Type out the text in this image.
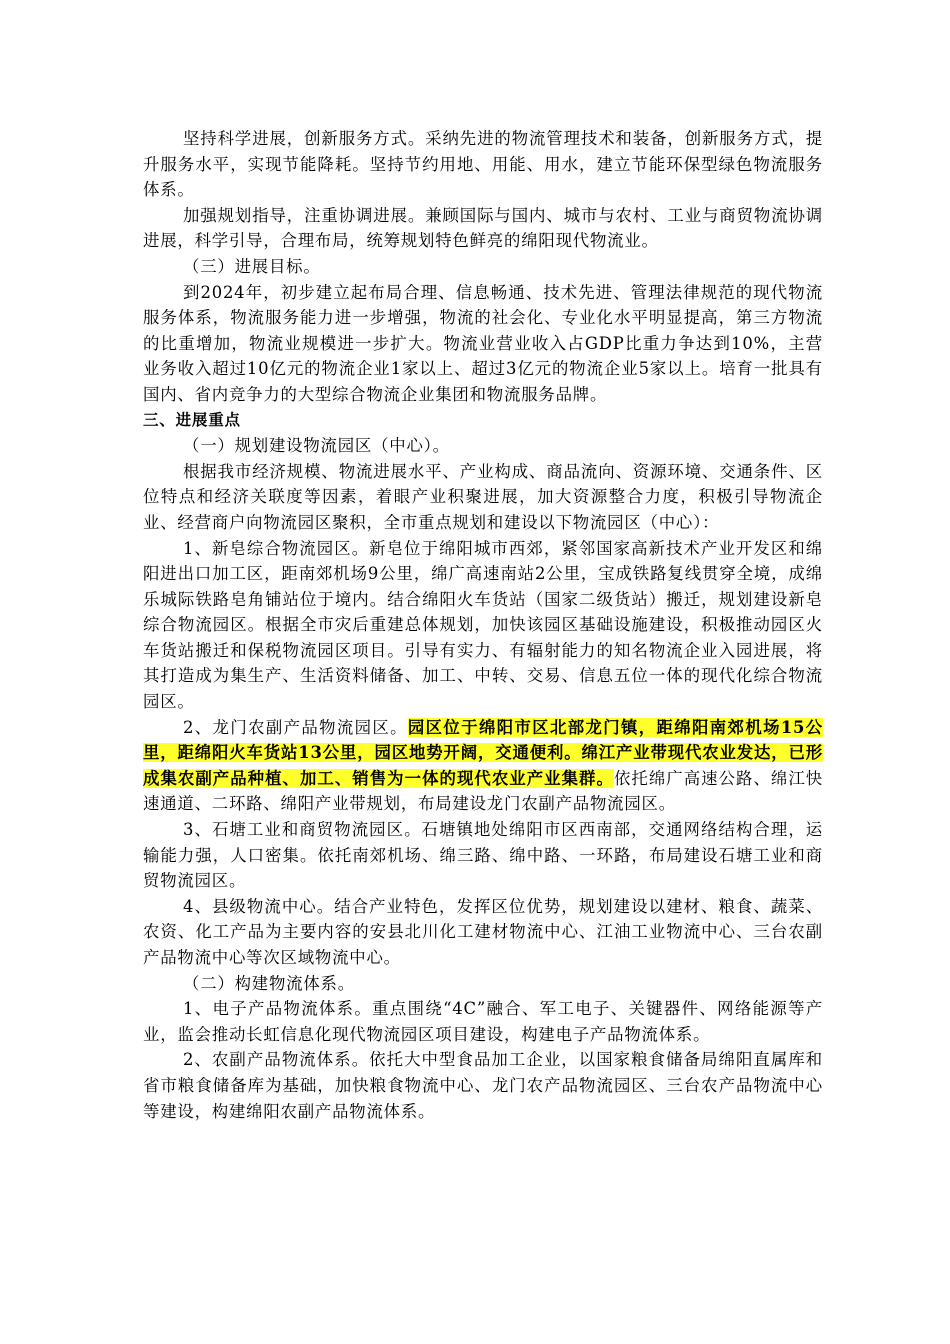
坚持科学进展，创新服务方式。采纳先进的物流管理技术和装备，创新服务方式，提升服务水平，实现节能降耗。坚持节约用地、用能、用水，建立节能环保型绿色物流服务体系。

加强规划指导，注重协调进展。兼顾国际与国内、城市与农村、工业与商贸物流协调进展，科学引导，合理布局，统筹规划特色鲜亮的绵阳现代物流业。

（三）进展目标。

到2024年，初步建立起布局合理、信息畅通、技术先进、管理法律规范的现代物流服务体系，物流服务能力进一步增强，物流的社会化、专业化水平明显提高，第三方物流的比重增加，物流业规模进一步扩大。物流业营业收入占GDP比重力争达到10%，主营业务收入超过10亿元的物流企业1家以上、超过3亿元的物流企业5家以上。培育一批具有国内、省内竞争力的大型综合物流企业集团和物流服务品牌。

三、进展重点

（一）规划建设物流园区（中心）。

根据我市经济规模、物流进展水平、产业构成、商品流向、资源环境、交通条件、区位特点和经济关联度等因素，着眼产业积聚进展，加大资源整合力度，积极引导物流企业、经营商户向物流园区聚积，全市重点规划和建设以下物流园区（中心）：

1、新皂综合物流园区。新皂位于绵阳城市西郊，紧邻国家高新技术产业开发区和绵阳进出口加工区，距南郊机场9公里，绵广高速南站2公里，宝成铁路复线贯穿全境，成绵乐城际铁路皂角铺站位于境内。结合绵阳火车货站（国家二级货站）搬迁，规划建设新皂综合物流园区。根据全市灾后重建总体规划，加快该园区基础设施建设，积极推动园区火车货站搬迁和保税物流园区项目。引导有实力、有辐射能力的知名物流企业入园进展，将其打造成为集生产、生活资料储备、加工、中转、交易、信息五位一体的现代化综合物流园区。

2、龙门农副产品物流园区。园区位于绵阳市区北部龙门镇，距绵阳南郊机场15公里，距绵阳火车货站13公里，园区地势开阔，交通便利。绵江产业带现代农业发达，已形成集农副产品种植、加工、销售为一体的现代农业产业集群。依托绵广高速公路、绵江快速通道、二环路、绵阳产业带规划，布局建设龙门农副产品物流园区。

3、石塘工业和商贸物流园区。石塘镇地处绵阳市区西南部，交通网络结构合理，运输能力强，人口密集。依托南郊机场、绵三路、绵中路、一环路，布局建设石塘工业和商贸物流园区。

4、县级物流中心。结合产业特色，发挥区位优势，规划建设以建材、粮食、蔬菜、农资、化工产品为主要内容的安县北川化工建材物流中心、江油工业物流中心、三台农副产品物流中心等次区域物流中心。

（二）构建物流体系。

1、电子产品物流体系。重点围绕“4C”融合、军工电子、关键器件、网络能源等产业，监会推动长虹信息化现代物流园区项目建设，构建电子产品物流体系。

2、农副产品物流体系。依托大中型食品加工企业，以国家粮食储备局绵阳直属库和省市粮食储备库为基础，加快粮食物流中心、龙门农产品物流园区、三台农产品物流中心等建设，构建绵阳农副产品物流体系。
